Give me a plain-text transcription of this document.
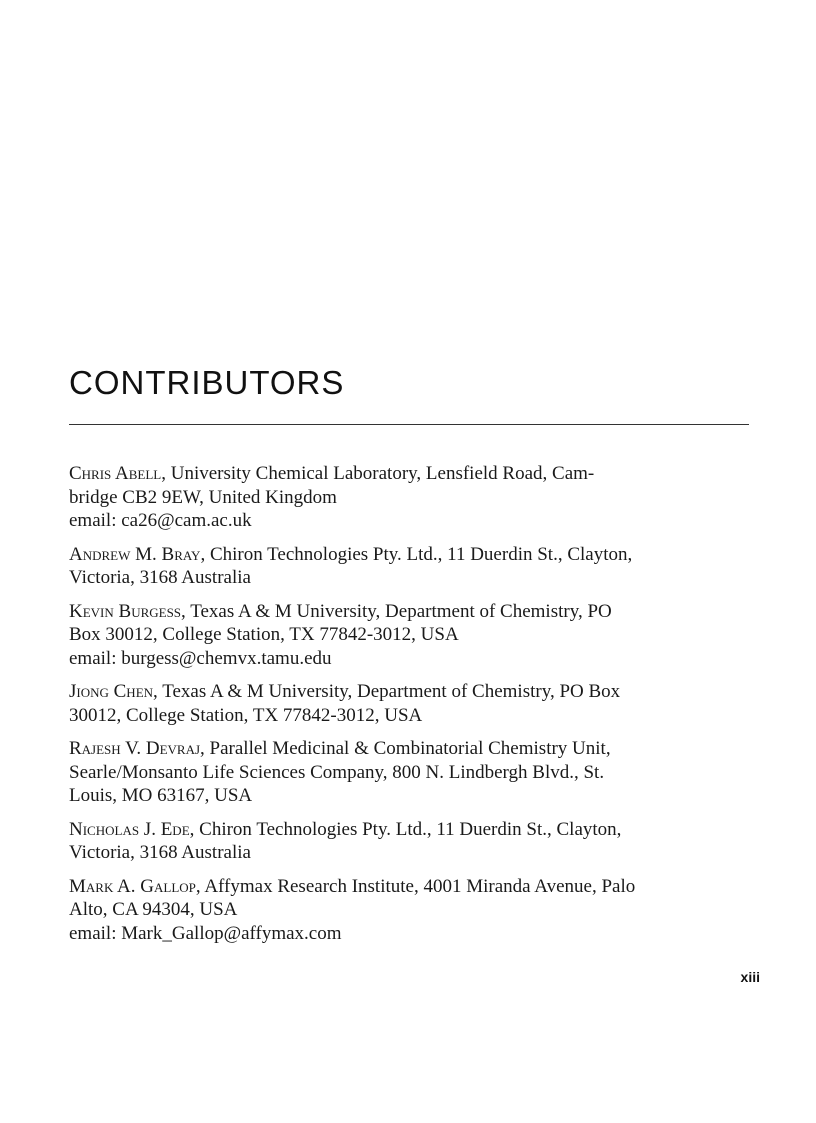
CONTRIBUTORS

Chris Abell, University Chemical Laboratory, Lensfield Road, Cam-
bridge CB2 9EW, United Kingdom
email: ca26@cam.ac.uk

Andrew M. Bray, Chiron Technologies Pty. Ltd., 11 Duerdin St., Clayton,
Victoria, 3168 Australia

Kevin Burgess, Texas A & M University, Department of Chemistry, PO
Box 30012, College Station, TX 77842-3012, USA
email: burgess@chemvx.tamu.edu

Jiong Chen, Texas A & M University, Department of Chemistry, PO Box
30012, College Station, TX 77842-3012, USA

Rajesh V. Devraj, Parallel Medicinal & Combinatorial Chemistry Unit,
Searle/Monsanto Life Sciences Company, 800 N. Lindbergh Blvd., St.
Louis, MO 63167, USA

Nicholas J. Ede, Chiron Technologies Pty. Ltd., 11 Duerdin St., Clayton,
Victoria, 3168 Australia

Mark A. Gallop, Affymax Research Institute, 4001 Miranda Avenue, Palo
Alto, CA 94304, USA
email: Mark_Gallop@affymax.com

xiii
